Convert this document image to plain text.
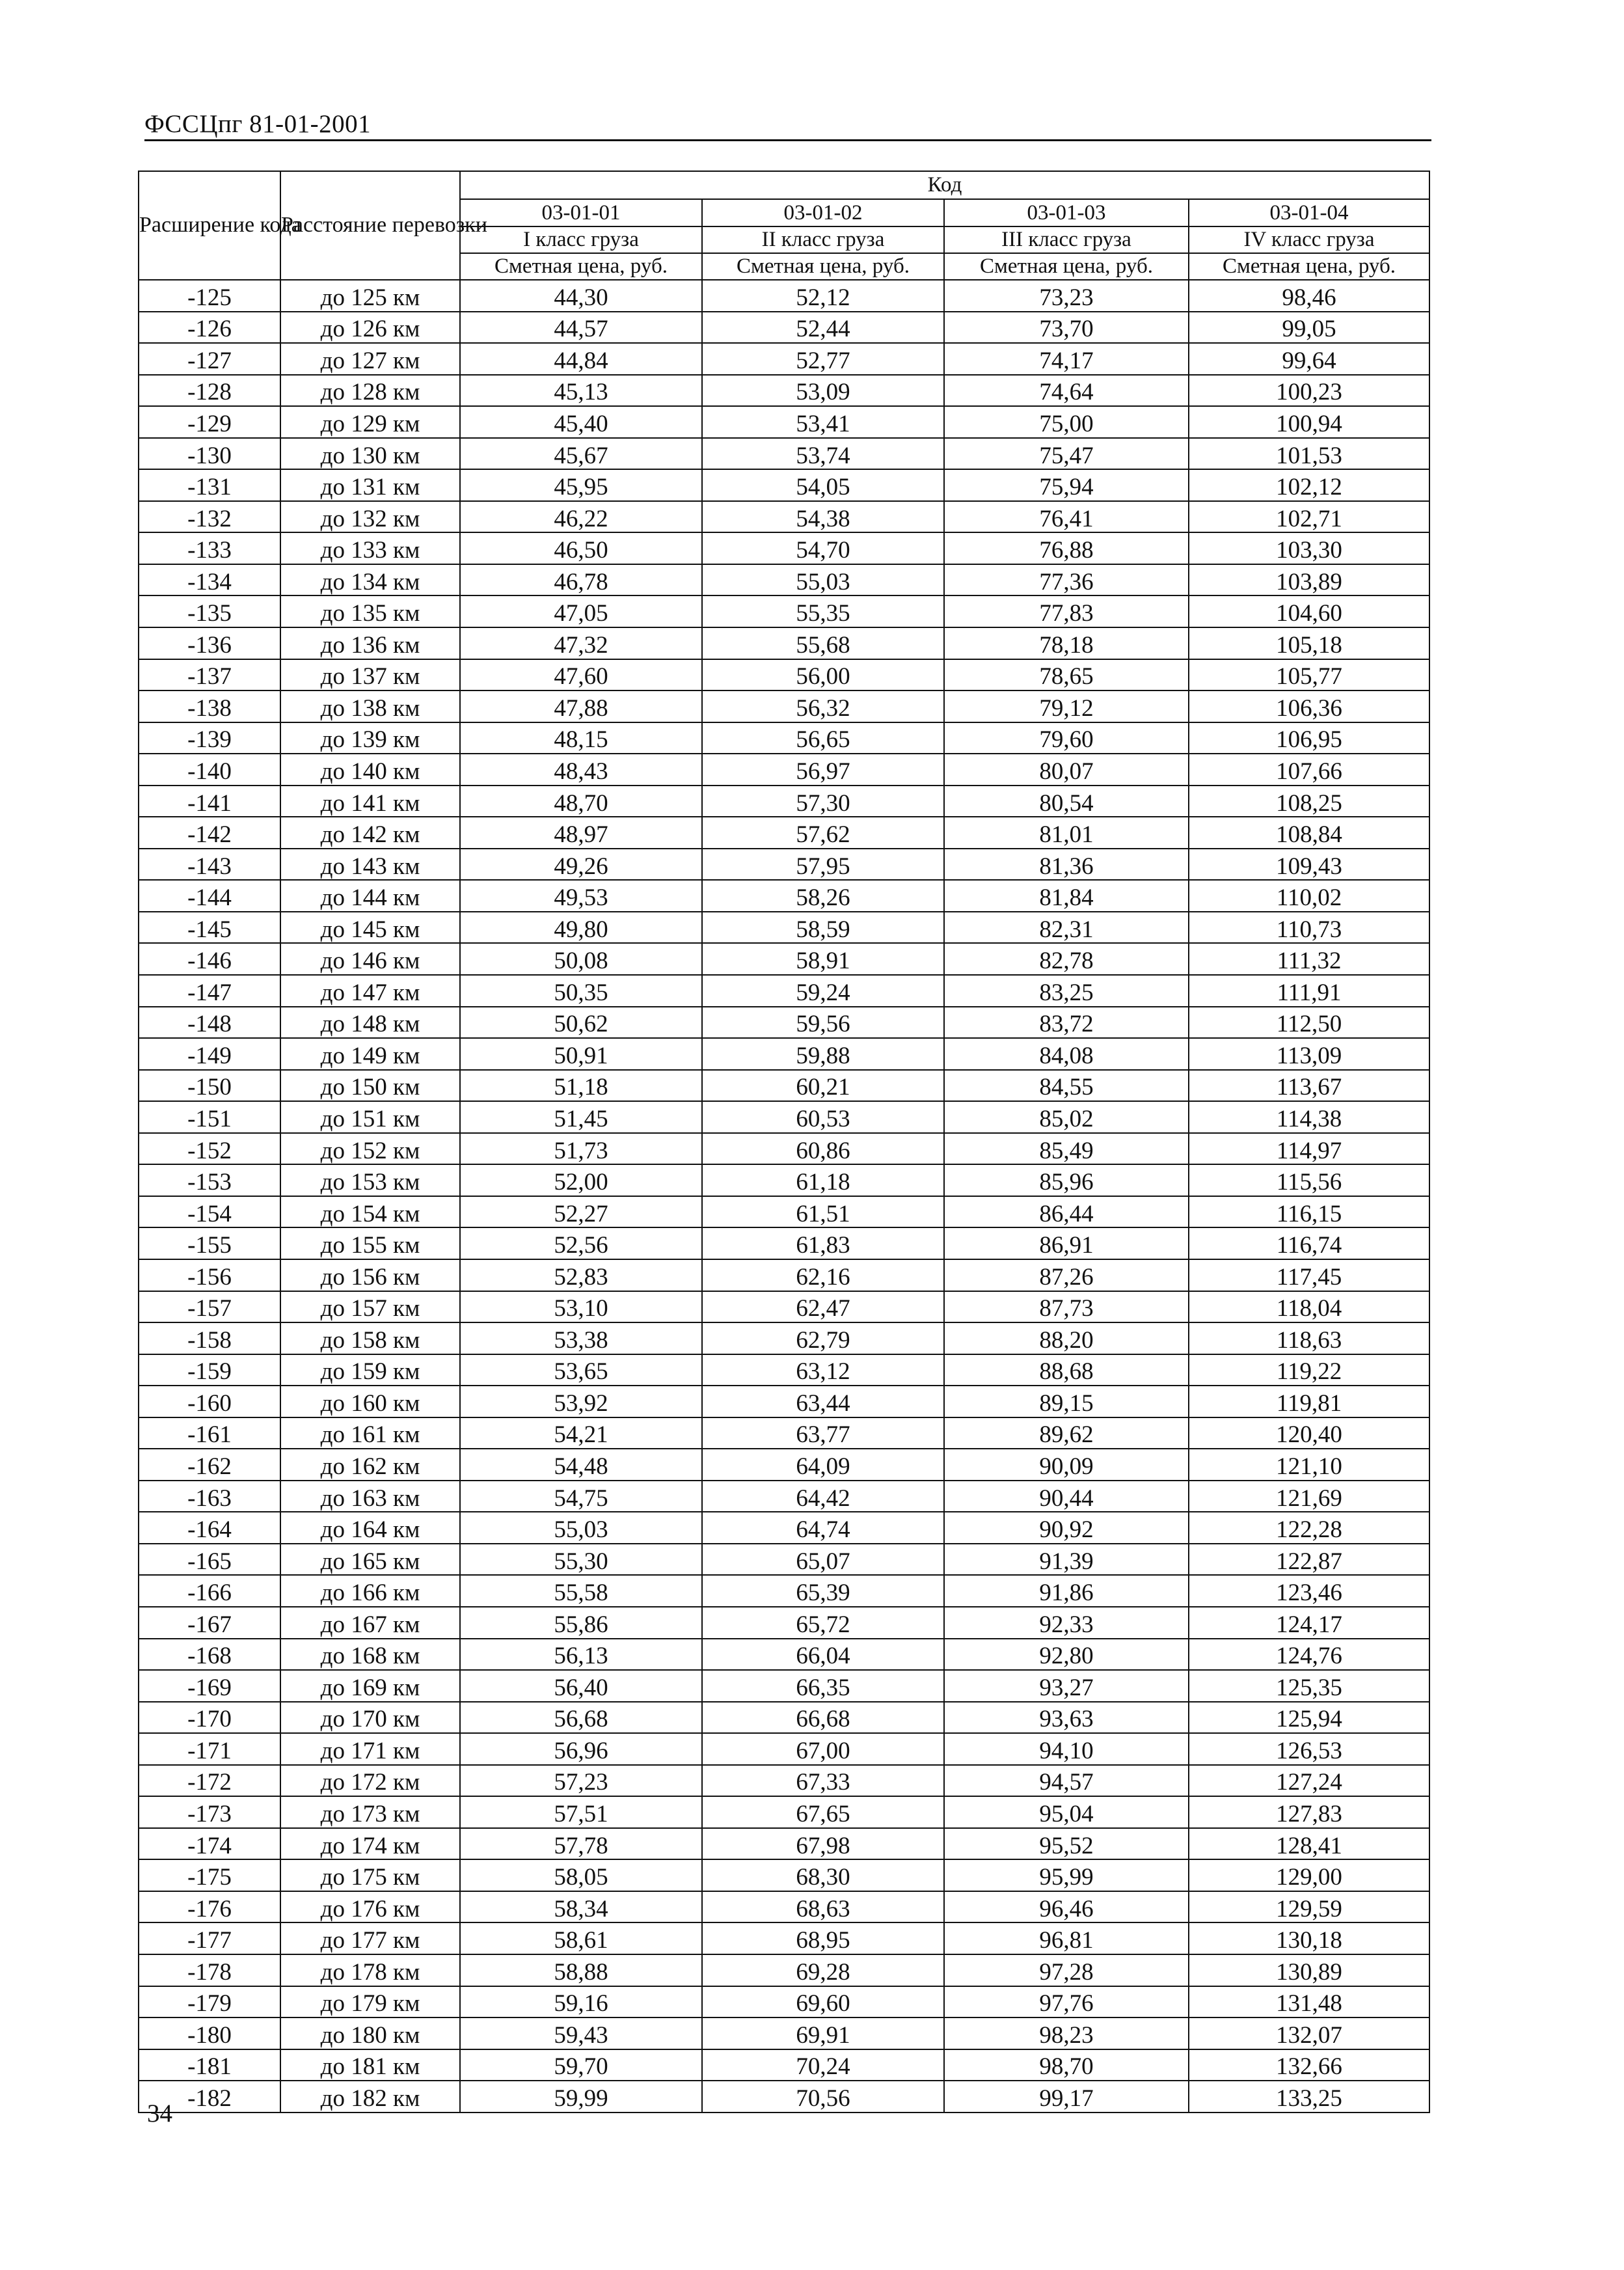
ФССЦпг 81-01-2001
Расширение кода	Расстояние перевозки	Код			
		03-01-01	03-01-02	03-01-03	03-01-04
		I класс груза	II класс груза	III класс груза	IV класс груза
		Сметная цена, руб.	Сметная цена, руб.	Сметная цена, руб.	Сметная цена, руб.
-125	до 125 км	44,30	52,12	73,23	98,46
-126	до 126 км	44,57	52,44	73,70	99,05
-127	до 127 км	44,84	52,77	74,17	99,64
-128	до 128 км	45,13	53,09	74,64	100,23
-129	до 129 км	45,40	53,41	75,00	100,94
-130	до 130 км	45,67	53,74	75,47	101,53
-131	до 131 км	45,95	54,05	75,94	102,12
-132	до 132 км	46,22	54,38	76,41	102,71
-133	до 133 км	46,50	54,70	76,88	103,30
-134	до 134 км	46,78	55,03	77,36	103,89
-135	до 135 км	47,05	55,35	77,83	104,60
-136	до 136 км	47,32	55,68	78,18	105,18
-137	до 137 км	47,60	56,00	78,65	105,77
-138	до 138 км	47,88	56,32	79,12	106,36
-139	до 139 км	48,15	56,65	79,60	106,95
-140	до 140 км	48,43	56,97	80,07	107,66
-141	до 141 км	48,70	57,30	80,54	108,25
-142	до 142 км	48,97	57,62	81,01	108,84
-143	до 143 км	49,26	57,95	81,36	109,43
-144	до 144 км	49,53	58,26	81,84	110,02
-145	до 145 км	49,80	58,59	82,31	110,73
-146	до 146 км	50,08	58,91	82,78	111,32
-147	до 147 км	50,35	59,24	83,25	111,91
-148	до 148 км	50,62	59,56	83,72	112,50
-149	до 149 км	50,91	59,88	84,08	113,09
-150	до 150 км	51,18	60,21	84,55	113,67
-151	до 151 км	51,45	60,53	85,02	114,38
-152	до 152 км	51,73	60,86	85,49	114,97
-153	до 153 км	52,00	61,18	85,96	115,56
-154	до 154 км	52,27	61,51	86,44	116,15
-155	до 155 км	52,56	61,83	86,91	116,74
-156	до 156 км	52,83	62,16	87,26	117,45
-157	до 157 км	53,10	62,47	87,73	118,04
-158	до 158 км	53,38	62,79	88,20	118,63
-159	до 159 км	53,65	63,12	88,68	119,22
-160	до 160 км	53,92	63,44	89,15	119,81
-161	до 161 км	54,21	63,77	89,62	120,40
-162	до 162 км	54,48	64,09	90,09	121,10
-163	до 163 км	54,75	64,42	90,44	121,69
-164	до 164 км	55,03	64,74	90,92	122,28
-165	до 165 км	55,30	65,07	91,39	122,87
-166	до 166 км	55,58	65,39	91,86	123,46
-167	до 167 км	55,86	65,72	92,33	124,17
-168	до 168 км	56,13	66,04	92,80	124,76
-169	до 169 км	56,40	66,35	93,27	125,35
-170	до 170 км	56,68	66,68	93,63	125,94
-171	до 171 км	56,96	67,00	94,10	126,53
-172	до 172 км	57,23	67,33	94,57	127,24
-173	до 173 км	57,51	67,65	95,04	127,83
-174	до 174 км	57,78	67,98	95,52	128,41
-175	до 175 км	58,05	68,30	95,99	129,00
-176	до 176 км	58,34	68,63	96,46	129,59
-177	до 177 км	58,61	68,95	96,81	130,18
-178	до 178 км	58,88	69,28	97,28	130,89
-179	до 179 км	59,16	69,60	97,76	131,48
-180	до 180 км	59,43	69,91	98,23	132,07
-181	до 181 км	59,70	70,24	98,70	132,66
-182	до 182 км	59,99	70,56	99,17	133,25
34
